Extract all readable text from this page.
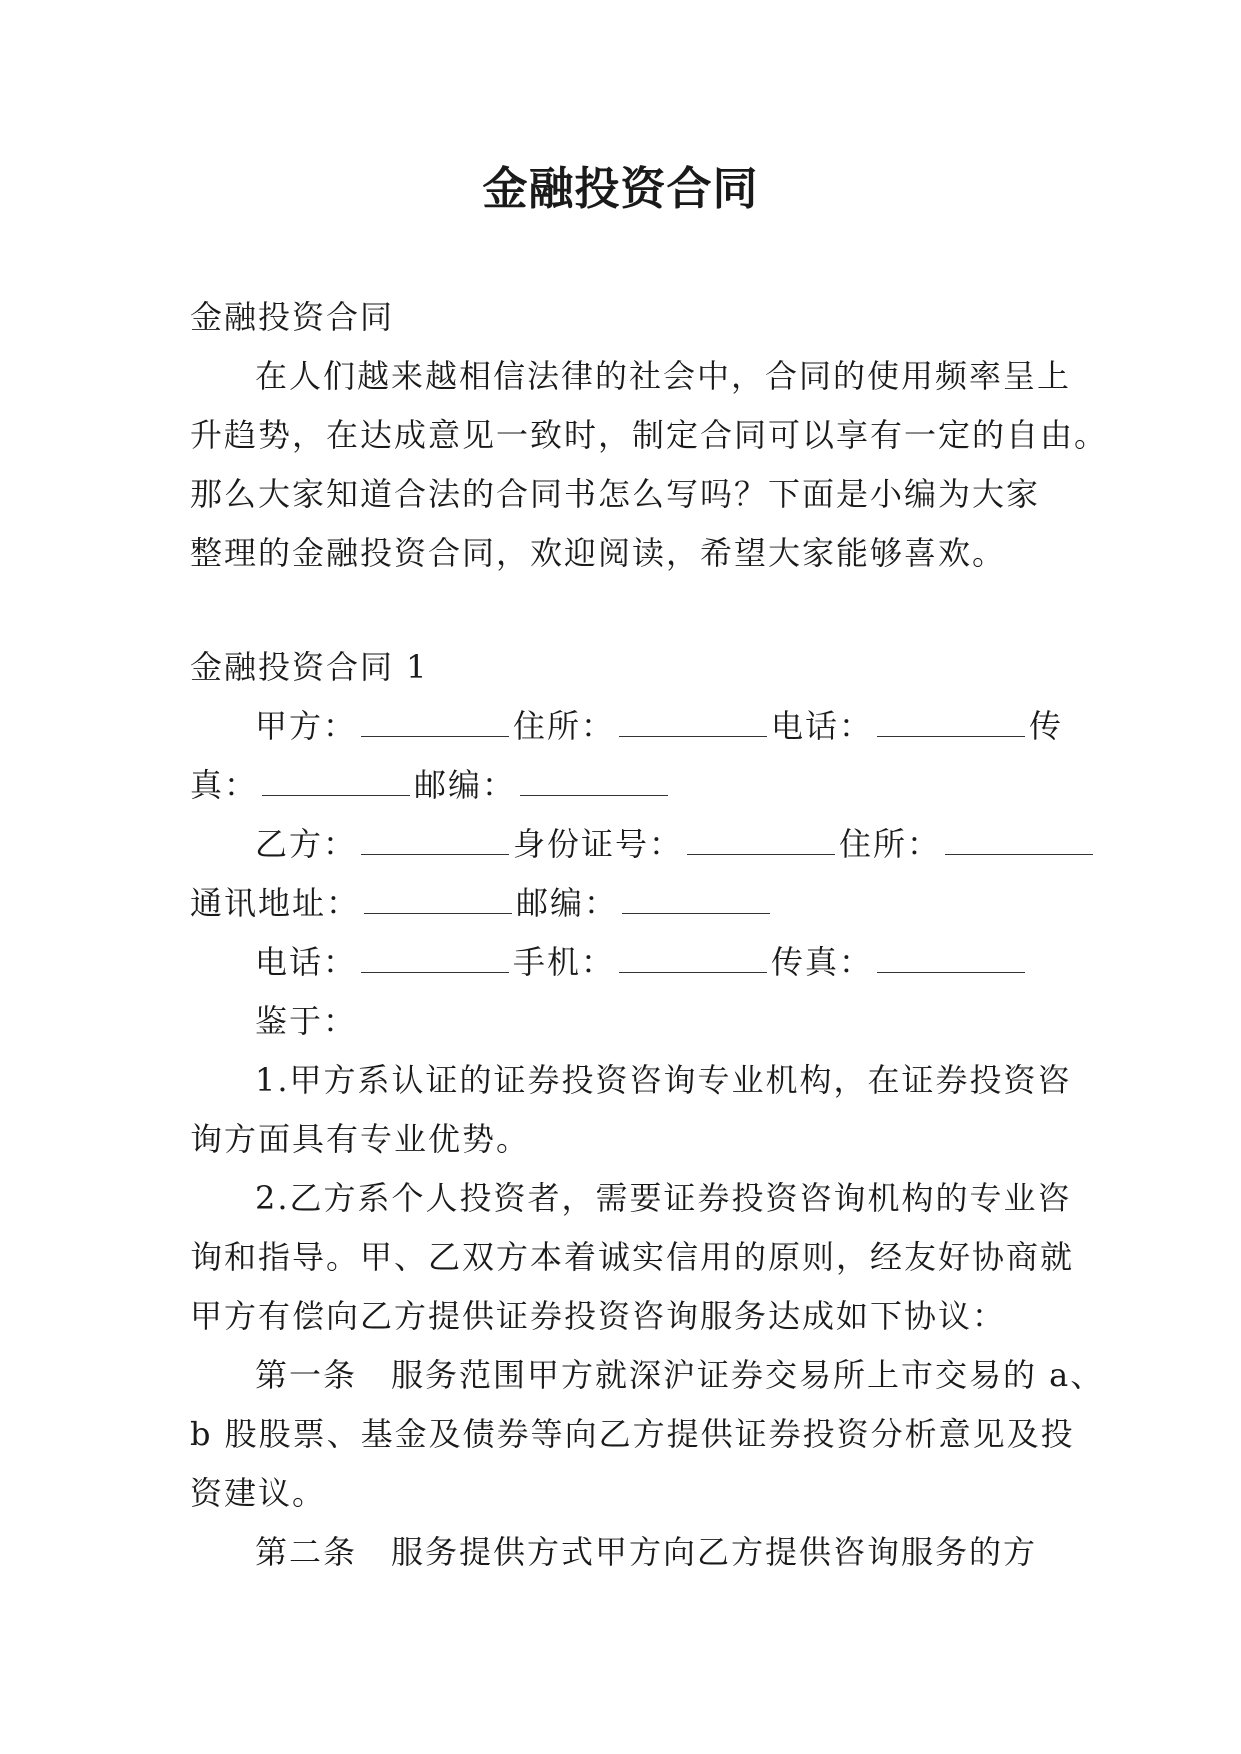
金融投资合同
金融投资合同
在人们越来越相信法律的社会中，合同的使用频率呈上
升趋势，在达成意见一致时，制定合同可以享有一定的自由。
那么大家知道合法的合同书怎么写吗？下面是小编为大家
整理的金融投资合同，欢迎阅读，希望大家能够喜欢。
金融投资合同 1
甲方：	住所：	电话：	传
真：	邮编：
乙方：	身份证号：	住所：
通讯地址：	邮编：
电话：	手机：	传真：
鉴于：
1.甲方系认证的证券投资咨询专业机构，在证券投资咨
询方面具有专业优势。
2.乙方系个人投资者，需要证券投资咨询机构的专业咨
询和指导。甲、乙双方本着诚实信用的原则，经友好协商就
甲方有偿向乙方提供证券投资咨询服务达成如下协议：
第一条　服务范围甲方就深沪证券交易所上市交易的 a、
b 股股票、基金及债券等向乙方提供证券投资分析意见及投
资建议。
第二条　服务提供方式甲方向乙方提供咨询服务的方
